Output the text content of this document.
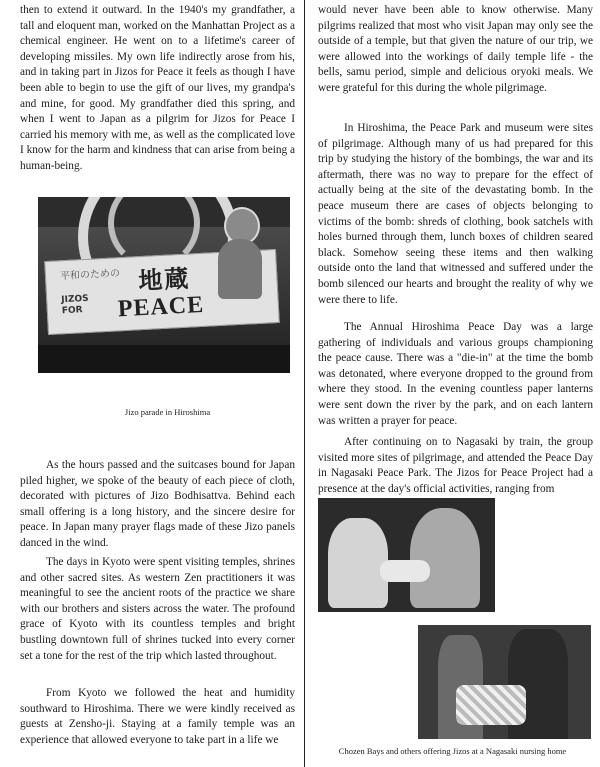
then to extend it outward. In the 1940's my grandfather, a tall and eloquent man, worked on the Manhattan Project as a chemical engineer. He went on to a lifetime's career of developing missiles. My own life indirectly arose from his, and in taking part in Jizos for Peace it feels as though I have been able to begin to use the gift of our lives, my grandpa's and mine, for good. My grandfather died this spring, and when I went to Japan as a pilgrim for Jizos for Peace I carried his memory with me, as well as the complicated love I know for the harm and kindness that can arise from being a human-being.

平和のための 地蔵
JIZOS
FOR PEACE
Jizo parade in Hiroshima

As the hours passed and the suitcases bound for Japan piled higher, we spoke of the beauty of each piece of cloth, decorated with pictures of Jizo Bodhisattva. Behind each small offering is a long history, and the sincere desire for peace. In Japan many prayer flags made of these Jizo panels danced in the wind.

The days in Kyoto were spent visiting temples, shrines and other sacred sites. As western Zen practitioners it was meaningful to see the ancient roots of the practice we share with our brothers and sisters across the water. The profound grace of Kyoto with its countless temples and bright bustling downtown full of shrines tucked into every corner set a tone for the rest of the trip which lasted throughout.

From Kyoto we followed the heat and humidity southward to Hiroshima. There we were kindly received as guests at Zensho-ji. Staying at a family temple was an experience that allowed everyone to take part in a life we

would never have been able to know otherwise. Many pilgrims realized that most who visit Japan may only see the outside of a temple, but that given the nature of our trip, we were allowed into the workings of daily temple life - the bells, samu period, simple and delicious oryoki meals. We were grateful for this during the whole pilgrimage.

In Hiroshima, the Peace Park and museum were sites of pilgrimage. Although many of us had prepared for this trip by studying the history of the bombings, the war and its aftermath, there was no way to prepare for the effect of actually being at the site of the devastating bomb. In the peace museum there are cases of objects belonging to victims of the bomb: shreds of clothing, book satchels with holes burned through them, lunch boxes of children seared black. Somehow seeing these items and then walking outside onto the land that witnessed and suffered under the bomb silenced our hearts and brought the reality of why we were there to life.

The Annual Hiroshima Peace Day was a large gathering of individuals and various groups championing the peace cause. There was a "die-in" at the time the bomb was detonated, where everyone dropped to the ground from where they stood. In the evening countless paper lanterns were sent down the river by the park, and on each lantern was written a prayer for peace.

After continuing on to Nagasaki by train, the group visited more sites of pilgrimage, and attended the Peace Day in Nagasaki Peace Park. The Jizos for Peace Project had a presence at the day's official activities, ranging from

Chozen Bays and others offering Jizos at a Nagasaki nursing home
